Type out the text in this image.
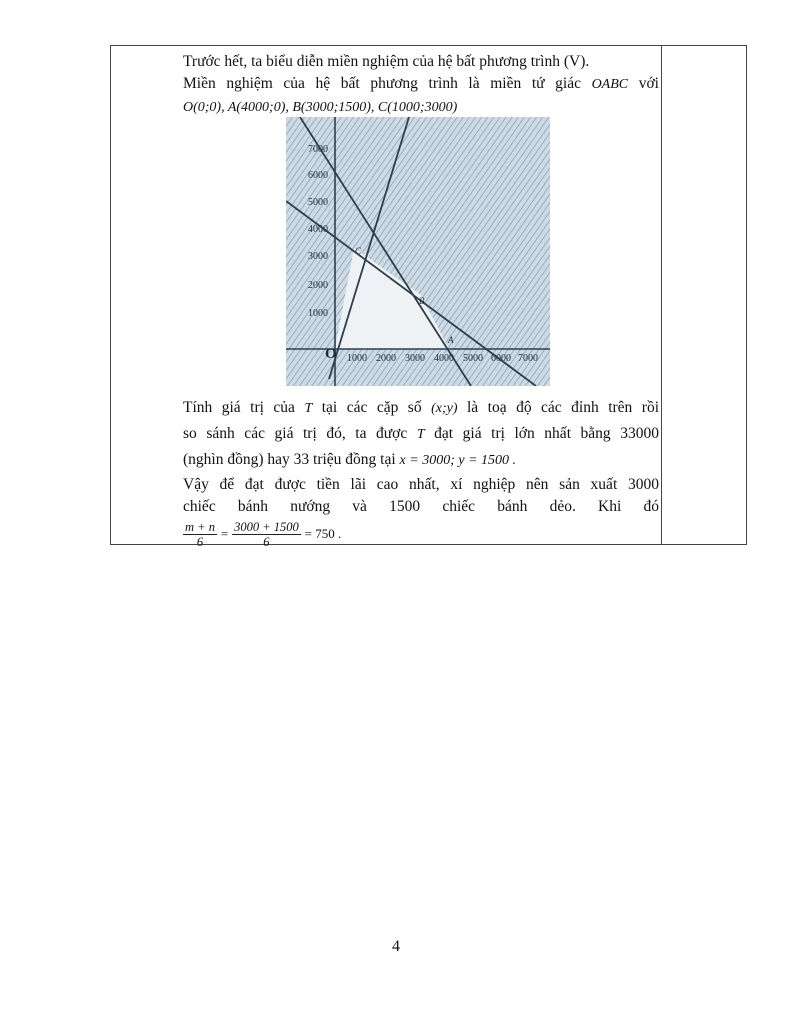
Trước hết, ta biểu diễn miền nghiệm của hệ bất phương trình (V).

Miền nghiệm của hệ bất phương trình là miền tứ giác OABC với
O(0;0), A(4000;0), B(3000;1500), C(1000;3000)

Tính giá trị của T tại các cặp số (x;y) là toạ độ các đỉnh trên rồi
so sánh các giá trị đó, ta được T đạt giá trị lớn nhất bằng 33000
(nghìn đồng) hay 33 triệu đồng tại x = 3000; y = 1500 .

Vậy để đạt được tiền lãi cao nhất, xí nghiệp nên sản xuất 3000
chiếc bánh nướng và 1500 chiếc bánh dẻo. Khi đó
$\frac{m + n}{6} = \frac{3000 + 1500}{6} = 750$ .

7000
6000
5000
4000
3000
2000
1000
1000 2000 3000 4000 5000 6000 7000
O
A
B
C
4
